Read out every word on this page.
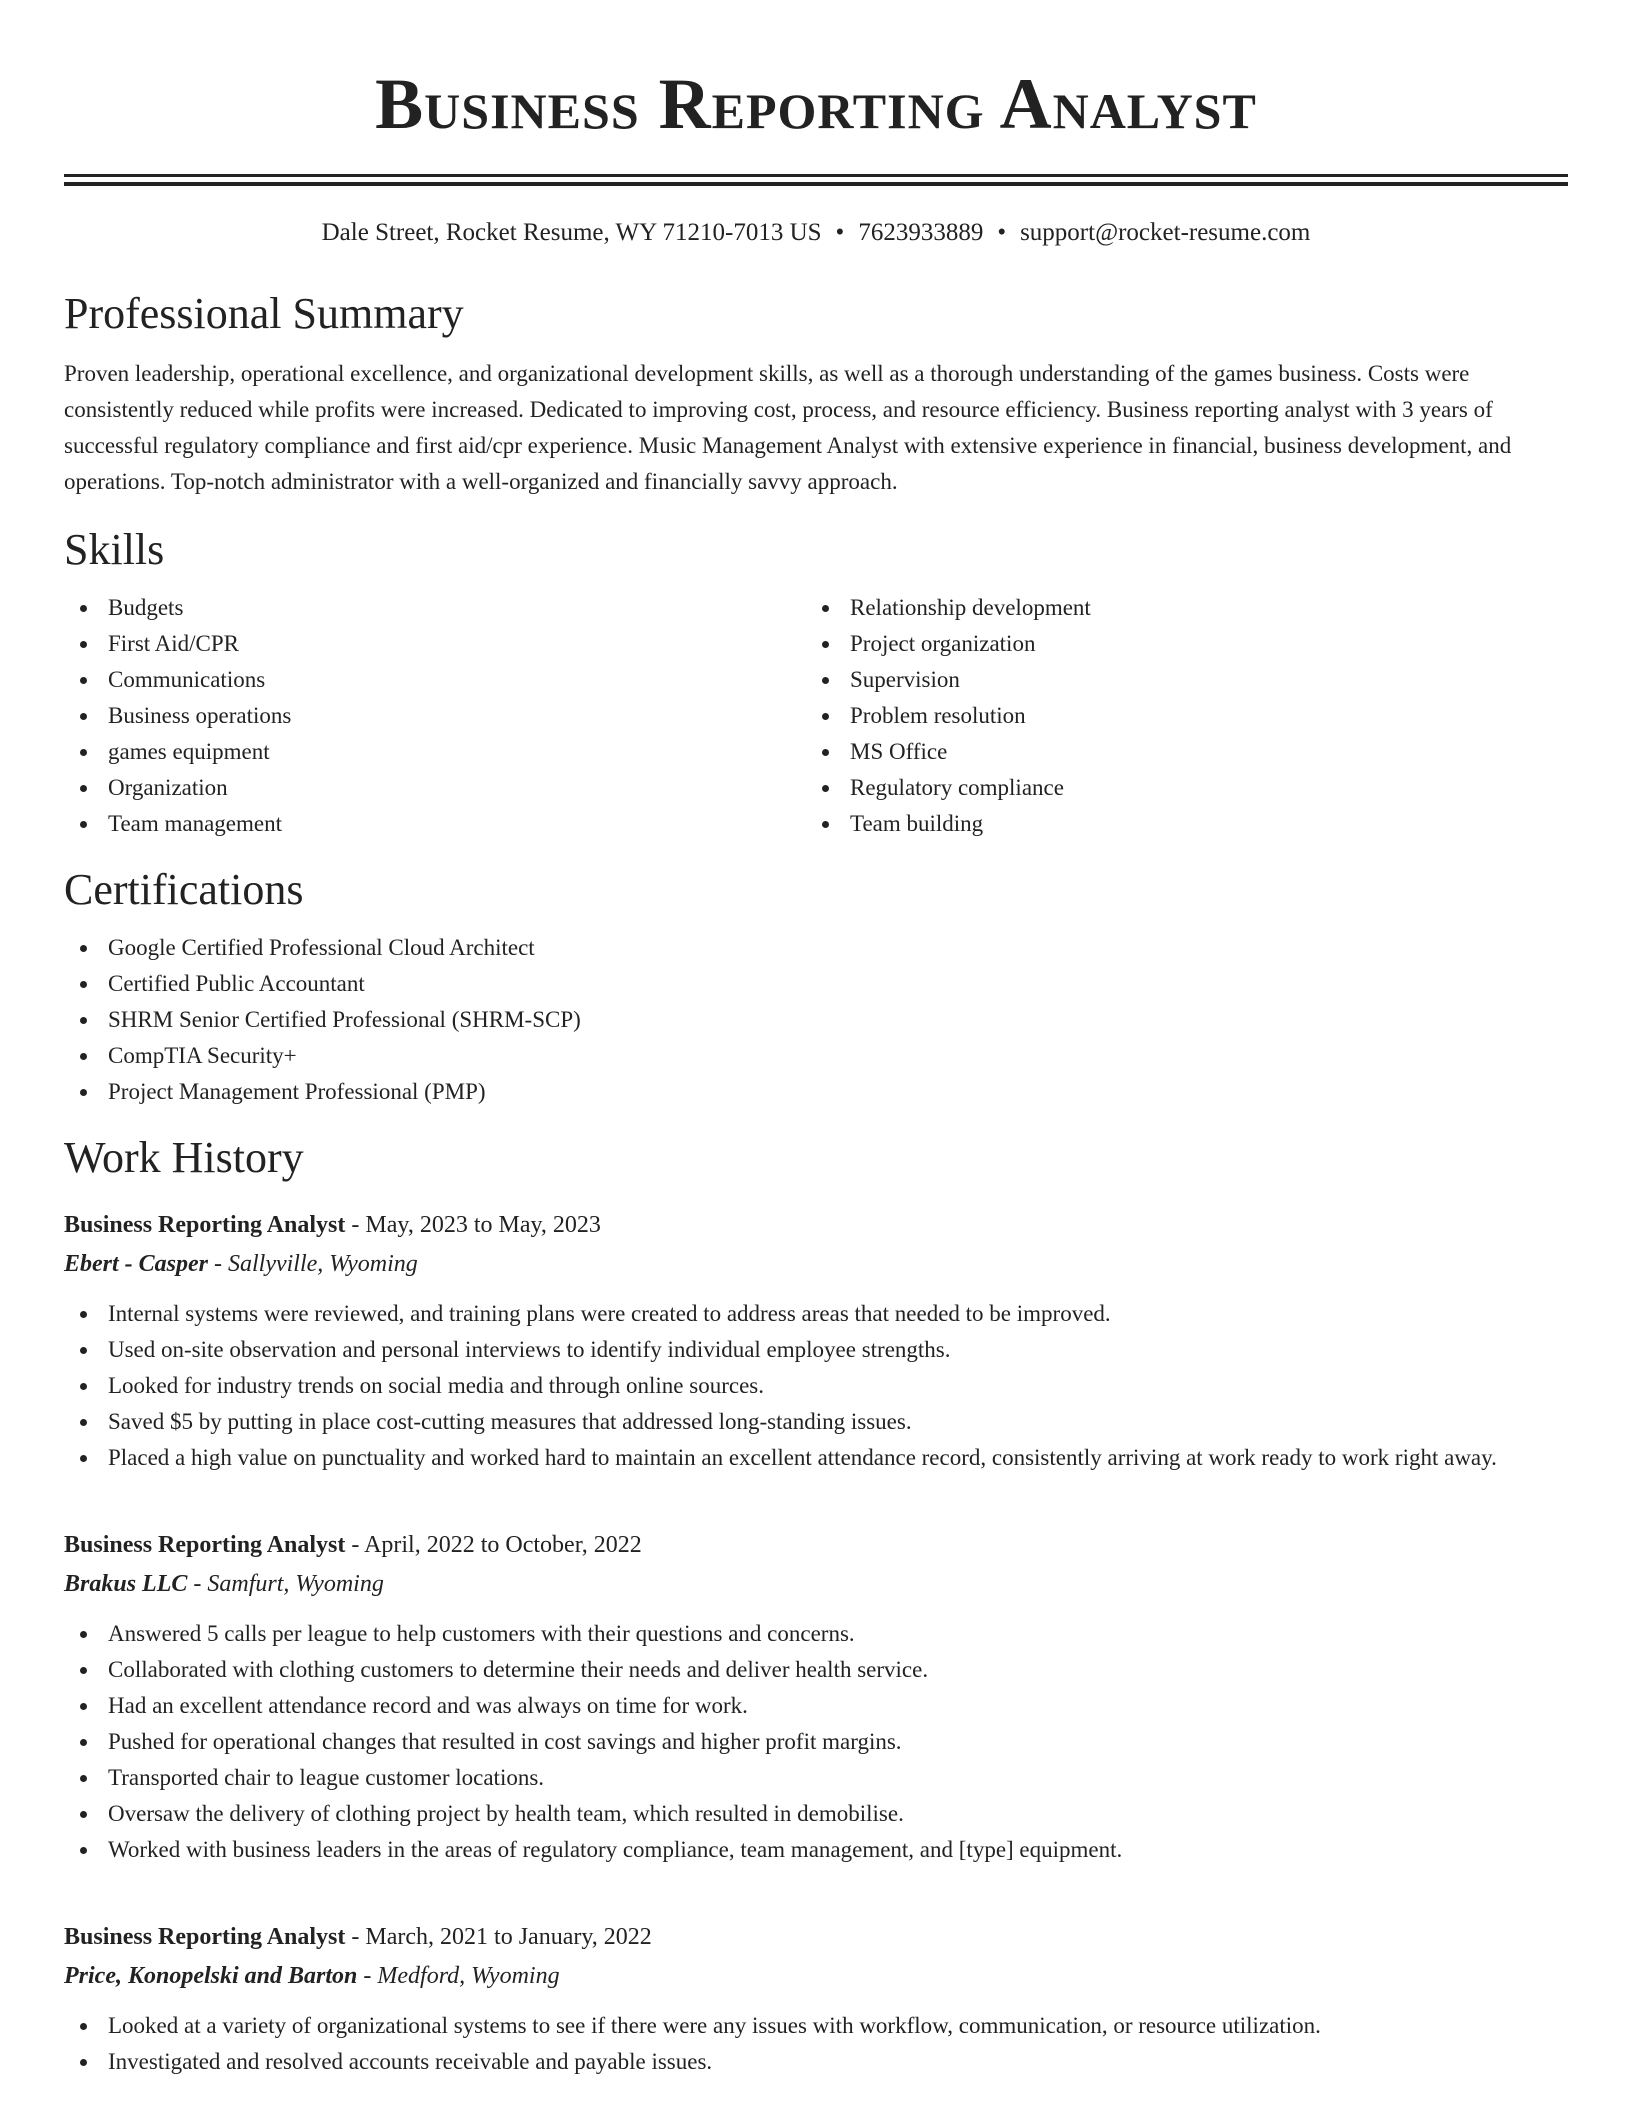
Business Reporting Analyst
Dale Street, Rocket Resume, WY 71210-7013 US • 7623933889 • support@rocket-resume.com
Professional Summary

Proven leadership, operational excellence, and organizational development skills, as well as a thorough understanding of the games business. Costs were consistently reduced while profits were increased. Dedicated to improving cost, process, and resource efficiency. Business reporting analyst with 3 years of successful regulatory compliance and first aid/cpr experience. Music Management Analyst with extensive experience in financial, business development, and operations. Top-notch administrator with a well-organized and financially savvy approach.

Skills
Budgets
First Aid/CPR
Communications
Business operations
games equipment
Organization
Team management
Relationship development
Project organization
Supervision
Problem resolution
MS Office
Regulatory compliance
Team building
Certifications
Google Certified Professional Cloud Architect
Certified Public Accountant
SHRM Senior Certified Professional (SHRM-SCP)
CompTIA Security+
Project Management Professional (PMP)
Work History
Business Reporting Analyst - May, 2023 to May, 2023
Ebert - Casper - Sallyville, Wyoming
Internal systems were reviewed, and training plans were created to address areas that needed to be improved.
Used on-site observation and personal interviews to identify individual employee strengths.
Looked for industry trends on social media and through online sources.
Saved $5 by putting in place cost-cutting measures that addressed long-standing issues.
Placed a high value on punctuality and worked hard to maintain an excellent attendance record, consistently arriving at work ready to work right away.
Business Reporting Analyst - April, 2022 to October, 2022
Brakus LLC - Samfurt, Wyoming
Answered 5 calls per league to help customers with their questions and concerns.
Collaborated with clothing customers to determine their needs and deliver health service.
Had an excellent attendance record and was always on time for work.
Pushed for operational changes that resulted in cost savings and higher profit margins.
Transported chair to league customer locations.
Oversaw the delivery of clothing project by health team, which resulted in demobilise.
Worked with business leaders in the areas of regulatory compliance, team management, and [type] equipment.
Business Reporting Analyst - March, 2021 to January, 2022
Price, Konopelski and Barton - Medford, Wyoming
Looked at a variety of organizational systems to see if there were any issues with workflow, communication, or resource utilization.
Investigated and resolved accounts receivable and payable issues.
